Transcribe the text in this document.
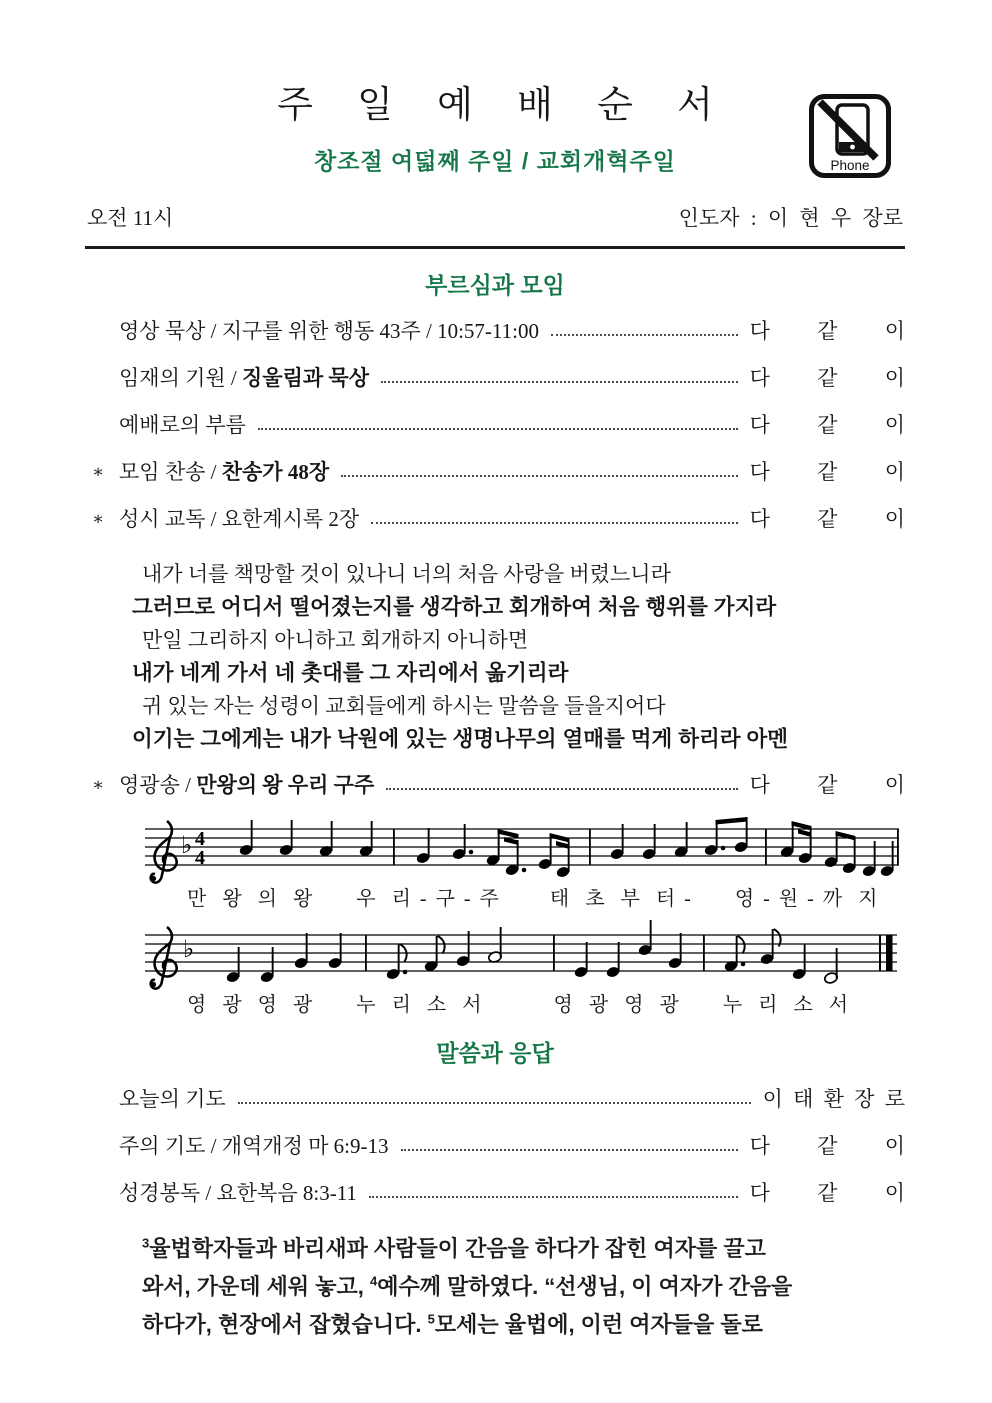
Phone
주 일 예 배 순 서
창조절 여덟째 주일 / 교회개혁주일
오전 11시	인도자 : 이 현 우 장로
부르심과 모임
영상 묵상 / 지구를 위한 행동 43주 / 10:57-11:00	다 같 이
임재의 기원 / 징울림과 묵상	다 같 이
예배로의 부름	다 같 이
∗ 모임 찬송 / 찬송가 48장	다 같 이
∗ 성시 교독 / 요한계시록 2장	다 같 이
내가 너를 책망할 것이 있나니 너의 처음 사랑을 버렸느니라
그러므로 어디서 떨어졌는지를 생각하고 회개하여 처음 행위를 가지라
만일 그리하지 아니하고 회개하지 아니하면
내가 네게 가서 네 촛대를 그 자리에서 옮기리라
귀 있는 자는 성령이 교회들에게 하시는 말씀을 들을지어다
이기는 그에게는 내가 낙원에 있는 생명나무의 열매를 먹게 하리라 아멘
∗ 영광송 / 만왕의 왕 우리 구주	다 같 이
♭ 4
4
만  왕  의  왕      우  리 - 구 - 주       태  초  부  터 -      영 - 원 - 까  지
♭
영  광  영  광      누  리  소  서          영  광  영  광      누  리  소  서
말씀과 응답
오늘의 기도	이 태 환 장 로
주의 기도 / 개역개정 마 6:9-13	다 같 이
성경봉독 / 요한복음 8:3-11	다 같 이
$^3$율법학자들과 바리새파 사람들이 간음을 하다가 잡힌 여자를 끌고
와서, 가운데 세워 놓고, $^4$예수께 말하였다. “선생님, 이 여자가 간음을
하다가, 현장에서 잡혔습니다. $^5$모세는 율법에, 이런 여자들을 돌로
